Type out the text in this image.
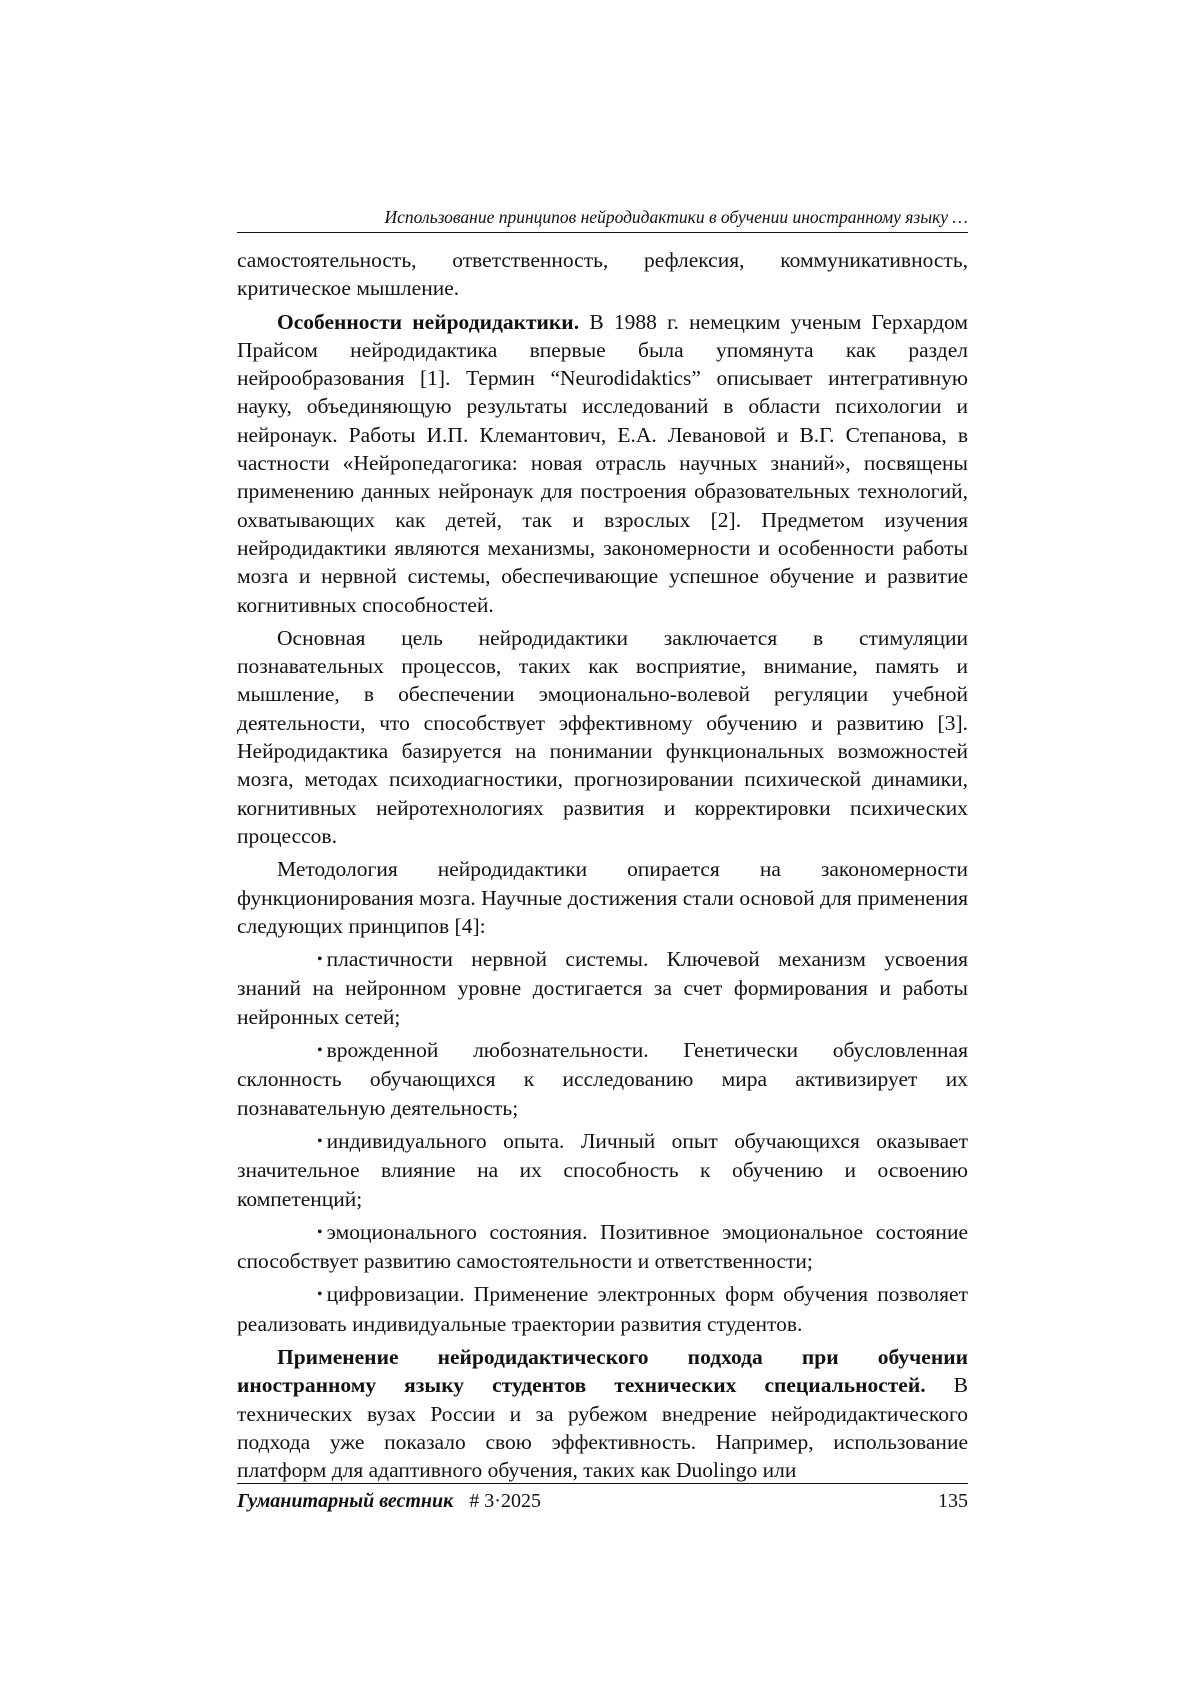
Использование принципов нейродидактики в обучении иностранному языку …

самостоятельность, ответственность, рефлексия, коммуникативность, критическое мышление.

Особенности нейродидактики. В 1988 г. немецким ученым Герхардом Прайсом нейродидактика впервые была упомянута как раздел нейрообразования [1]. Термин “Neurodidaktics” описывает интегративную науку, объединяющую результаты исследований в области психологии и нейронаук. Работы И.П. Клемантович, Е.А. Левановой и В.Г. Степанова, в частности «Нейропедагогика: новая отрасль научных знаний», посвящены применению данных нейронаук для построения образовательных технологий, охватывающих как детей, так и взрослых [2]. Предметом изучения нейродидактики являются механизмы, закономерности и особенности работы мозга и нервной системы, обеспечивающие успешное обучение и развитие когнитивных способностей.

Основная цель нейродидактики заключается в стимуляции познавательных процессов, таких как восприятие, внимание, память и мышление, в обеспечении эмоционально-волевой регуляции учебной деятельности, что способствует эффективному обучению и развитию [3]. Нейродидактика базируется на понимании функциональных возможностей мозга, методах психодиагностики, прогнозировании психической динамики, когнитивных нейротехнологиях развития и корректировки психических процессов.

Методология нейродидактики опирается на закономерности функционирования мозга. Научные достижения стали основой для применения следующих принципов [4]:

• пластичности нервной системы. Ключевой механизм усвоения знаний на нейронном уровне достигается за счет формирования и работы нейронных сетей;

• врожденной любознательности. Генетически обусловленная склонность обучающихся к исследованию мира активизирует их познавательную деятельность;

• индивидуального опыта. Личный опыт обучающихся оказывает значительное влияние на их способность к обучению и освоению компетенций;

• эмоционального состояния. Позитивное эмоциональное состояние способствует развитию самостоятельности и ответственности;

• цифровизации. Применение электронных форм обучения позволяет реализовать индивидуальные траектории развития студентов.

Применение нейродидактического подхода при обучении иностранному языку студентов технических специальностей. В технических вузах России и за рубежом внедрение нейродидактического подхода уже показало свою эффективность. Например, использование платформ для адаптивного обучения, таких как Duolingo или

Гуманитарный вестник # 3·2025	135
